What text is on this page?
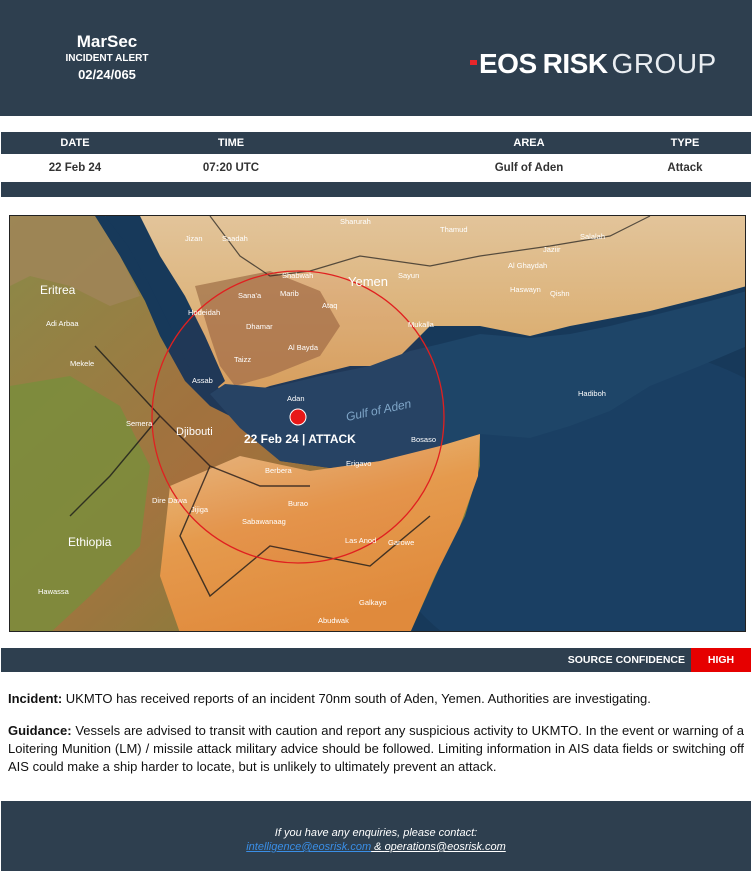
MarSec
INCIDENT ALERT
02/24/065	EOS RISK GROUP
DATE	TIME	AREA	TYPE
22 Feb 24	07:20 UTC	Gulf of Aden	Attack
22 Feb 24 | ATTACK
Gulf of Aden
Yemen
Eritrea
Ethiopia
Djibouti
Hodeidah
Sana'a
Dhamar
Marib
Al Bayda
Taizz
Adan
Assab
Dire Dawa
Jijiga
Berbera
Burao
Erigavo
Bosaso
Hadiboh
Las Anod Garowe
Mukalla
Sayun
Shabwah
Al Ghaydah
Salalah
Jizan	Saadah
Mekele
Semera
Sabawanaag
Hawassa
Adi Arbaa
Ataq
Jaziir
Sharurah
Thamud
Haswayn Qishn
Galkayo
Abudwak
SOURCE CONFIDENCE	HIGH
Incident: UKMTO has received reports of an incident 70nm south of Aden, Yemen. Authorities are investigating.
Guidance: Vessels are advised to transit with caution and report any suspicious activity to UKMTO. In the event or warning of a Loitering Munition (LM) / missile attack military advice should be followed. Limiting information in AIS data fields or switching off AIS could make a ship harder to locate, but is unlikely to ultimately prevent an attack.
If you have any enquiries, please contact:
intelligence@eosrisk.com & operations@eosrisk.com
